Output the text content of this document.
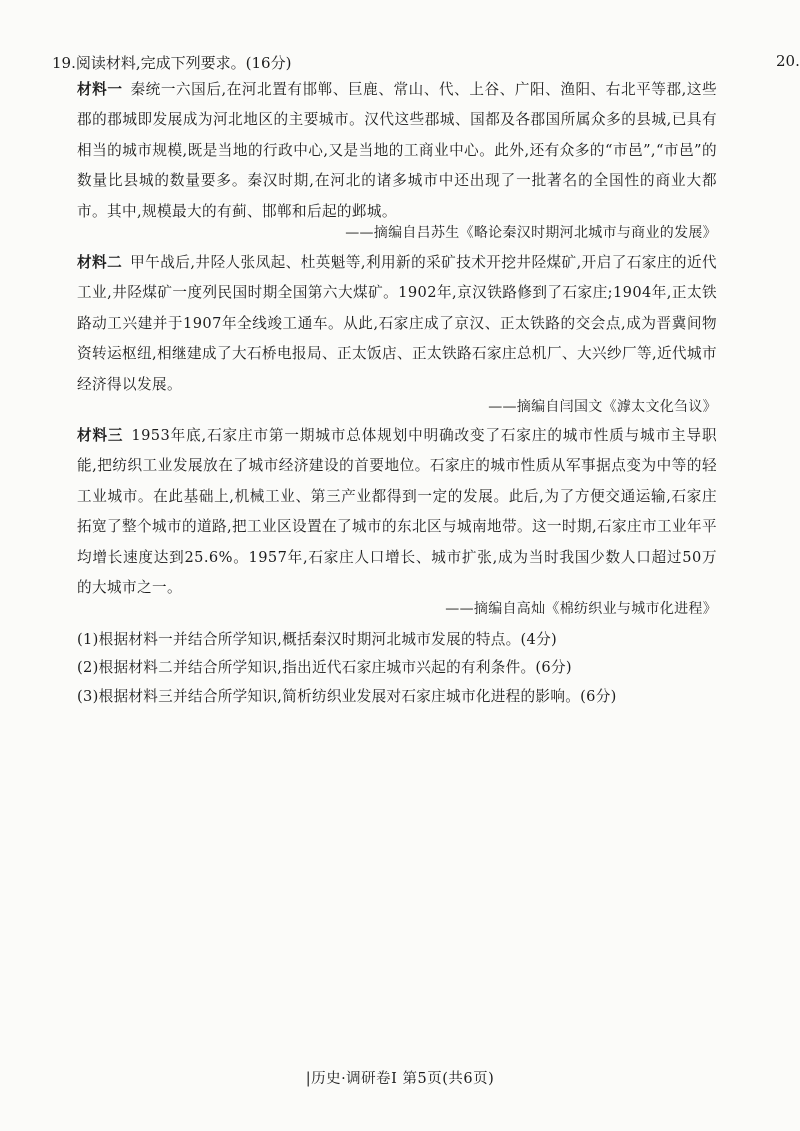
19.阅读材料,完成下列要求。(16分)	20.

材料一 秦统一六国后,在河北置有邯郸、巨鹿、常山、代、上谷、广阳、渔阳、右北平等郡,这些郡的郡城即发展成为河北地区的主要城市。汉代这些郡城、国都及各郡国所属众多的县城,已具有相当的城市规模,既是当地的行政中心,又是当地的工商业中心。此外,还有众多的“市邑”,“市邑”的数量比县城的数量要多。秦汉时期,在河北的诸多城市中还出现了一批著名的全国性的商业大都市。其中,规模最大的有蓟、邯郸和后起的邺城。

——摘编自吕苏生《略论秦汉时期河北城市与商业的发展》

材料二 甲午战后,井陉人张凤起、杜英魁等,利用新的采矿技术开挖井陉煤矿,开启了石家庄的近代工业,井陉煤矿一度列民国时期全国第六大煤矿。1902年,京汉铁路修到了石家庄;1904年,正太铁路动工兴建并于1907年全线竣工通车。从此,石家庄成了京汉、正太铁路的交会点,成为晋冀间物资转运枢纽,相继建成了大石桥电报局、正太饭店、正太铁路石家庄总机厂、大兴纱厂等,近代城市经济得以发展。

——摘编自闫国文《滹太文化刍议》

材料三 1953年底,石家庄市第一期城市总体规划中明确改变了石家庄的城市性质与城市主导职能,把纺织工业发展放在了城市经济建设的首要地位。石家庄的城市性质从军事据点变为中等的轻工业城市。在此基础上,机械工业、第三产业都得到一定的发展。此后,为了方便交通运输,石家庄拓宽了整个城市的道路,把工业区设置在了城市的东北区与城南地带。这一时期,石家庄市工业年平均增长速度达到25.6%。1957年,石家庄人口增长、城市扩张,成为当时我国少数人口超过50万的大城市之一。

——摘编自高灿《棉纺织业与城市化进程》
(1)根据材料一并结合所学知识,概括秦汉时期河北城市发展的特点。(4分)
(2)根据材料二并结合所学知识,指出近代石家庄城市兴起的有利条件。(6分)
(3)根据材料三并结合所学知识,简析纺织业发展对石家庄城市化进程的影响。(6分)
|历史·调研卷Ⅰ 第5页(共6页)
